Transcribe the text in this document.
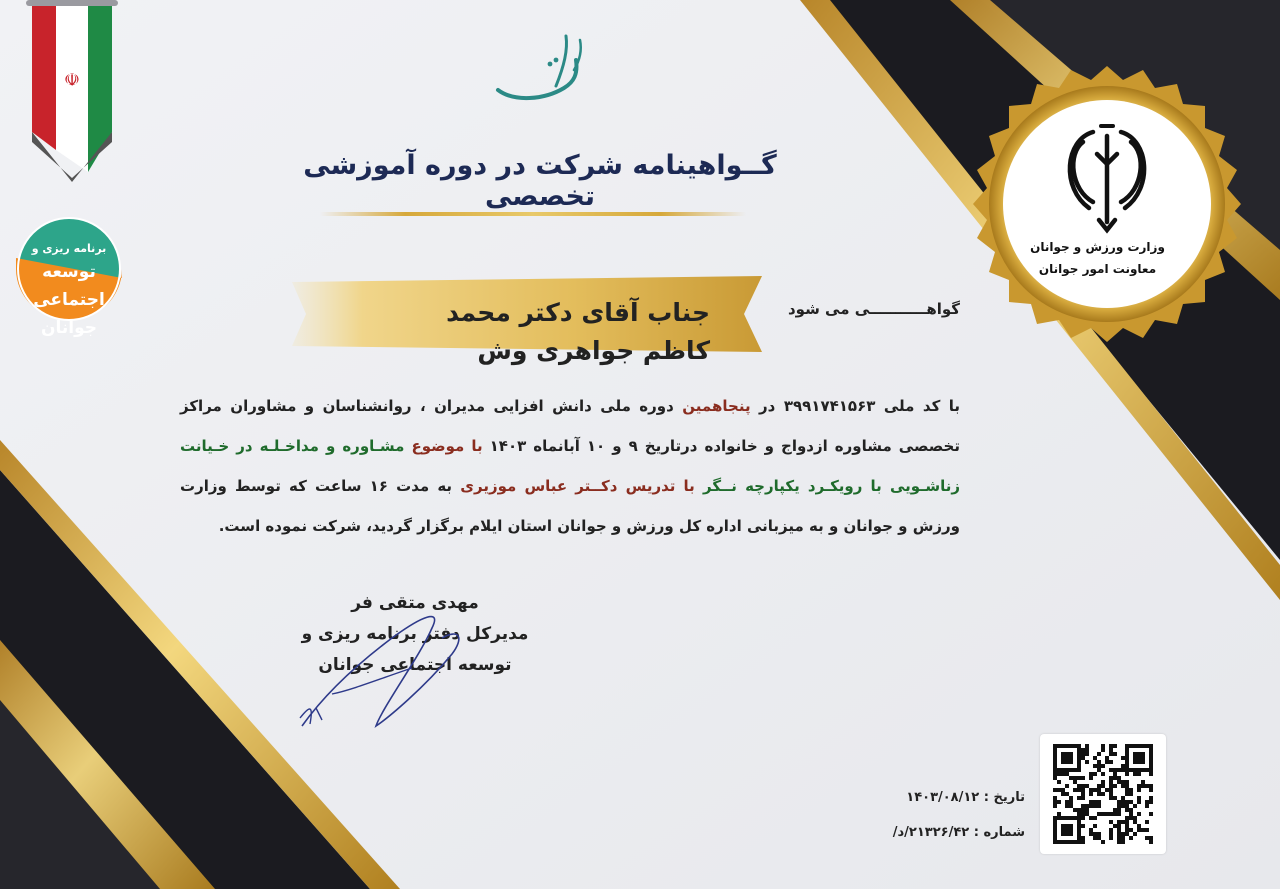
☫
گــواهینامه شرکت در دوره آموزشی تخصصی
برنامه ریزی و
توسعه اجتماعی جوانان
گواهـــــــــــی می شود
جناب آقای دکتر محمد کاظم جواهری وش
وزارت ورزش و جوانان
معاونت امور جوانان
با کد ملی ۳۹۹۱۷۴۱۵۶۳ در پنجاهمین دوره ملی دانش افزایی مدیران ، روانشناسان و مشاوران مراکز تخصصی مشاوره ازدواج و خانواده درتاریخ ۹ و ۱۰ آبانماه ۱۴۰۳ با موضوع مشـاوره و مداخـلـه در خـیانت زناشـویی با رویکـرد یکپارچه نــگر با تدریس دکــتر عباس موزیری به مدت ۱۶ ساعت که توسط وزارت ورزش و جوانان و به میزبانی اداره کل ورزش و جوانان استان ایلام برگزار گردید، شرکت نموده است.
مهدی متقی فر
مدیرکل دفتر برنامه ریزی و
توسعه اجتماعی جوانان
تاریخ : ۱۴۰۳/۰۸/۱۲
شماره : ۲۱۳۲۶/۴۲/د/
